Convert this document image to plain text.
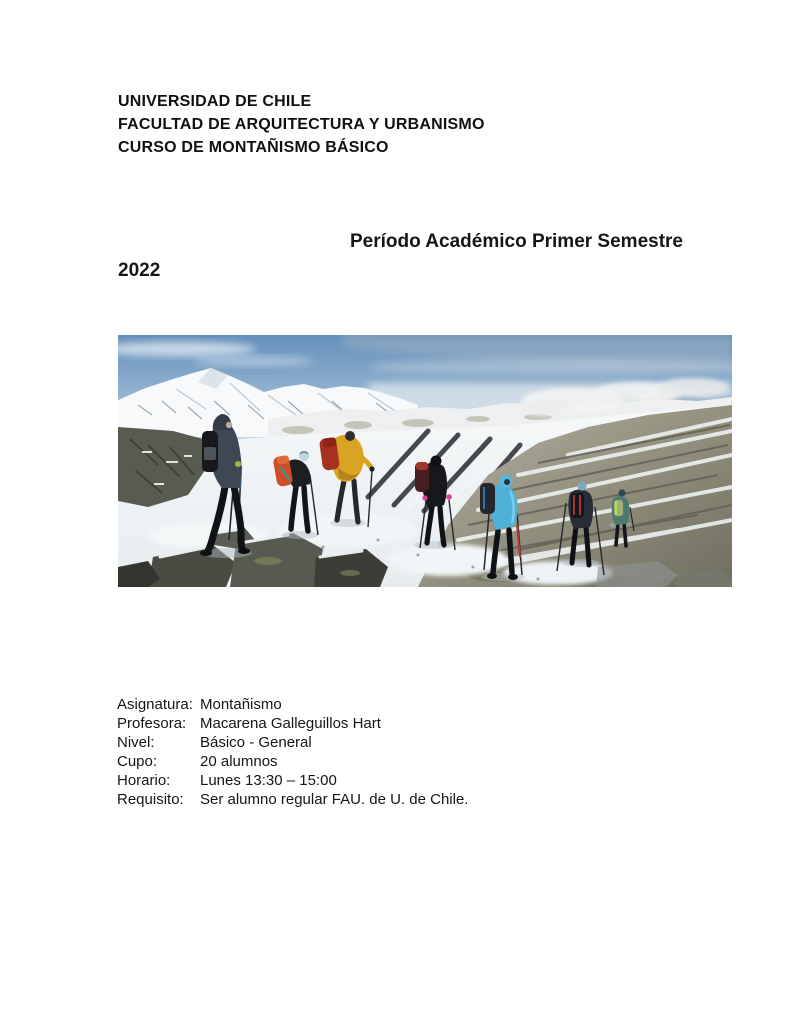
UNIVERSIDAD DE CHILE
FACULTAD DE ARQUITECTURA Y URBANISMO
CURSO DE MONTAÑISMO BÁSICO
Período Académico Primer Semestre
2022
Asignatura: Montañismo
Profesora: Macarena Galleguillos Hart
Nivel:	Básico - General
Cupo:	20 alumnos
Horario:	Lunes 13:30 – 15:00
Requisito:	Ser alumno regular FAU. de U. de Chile.
